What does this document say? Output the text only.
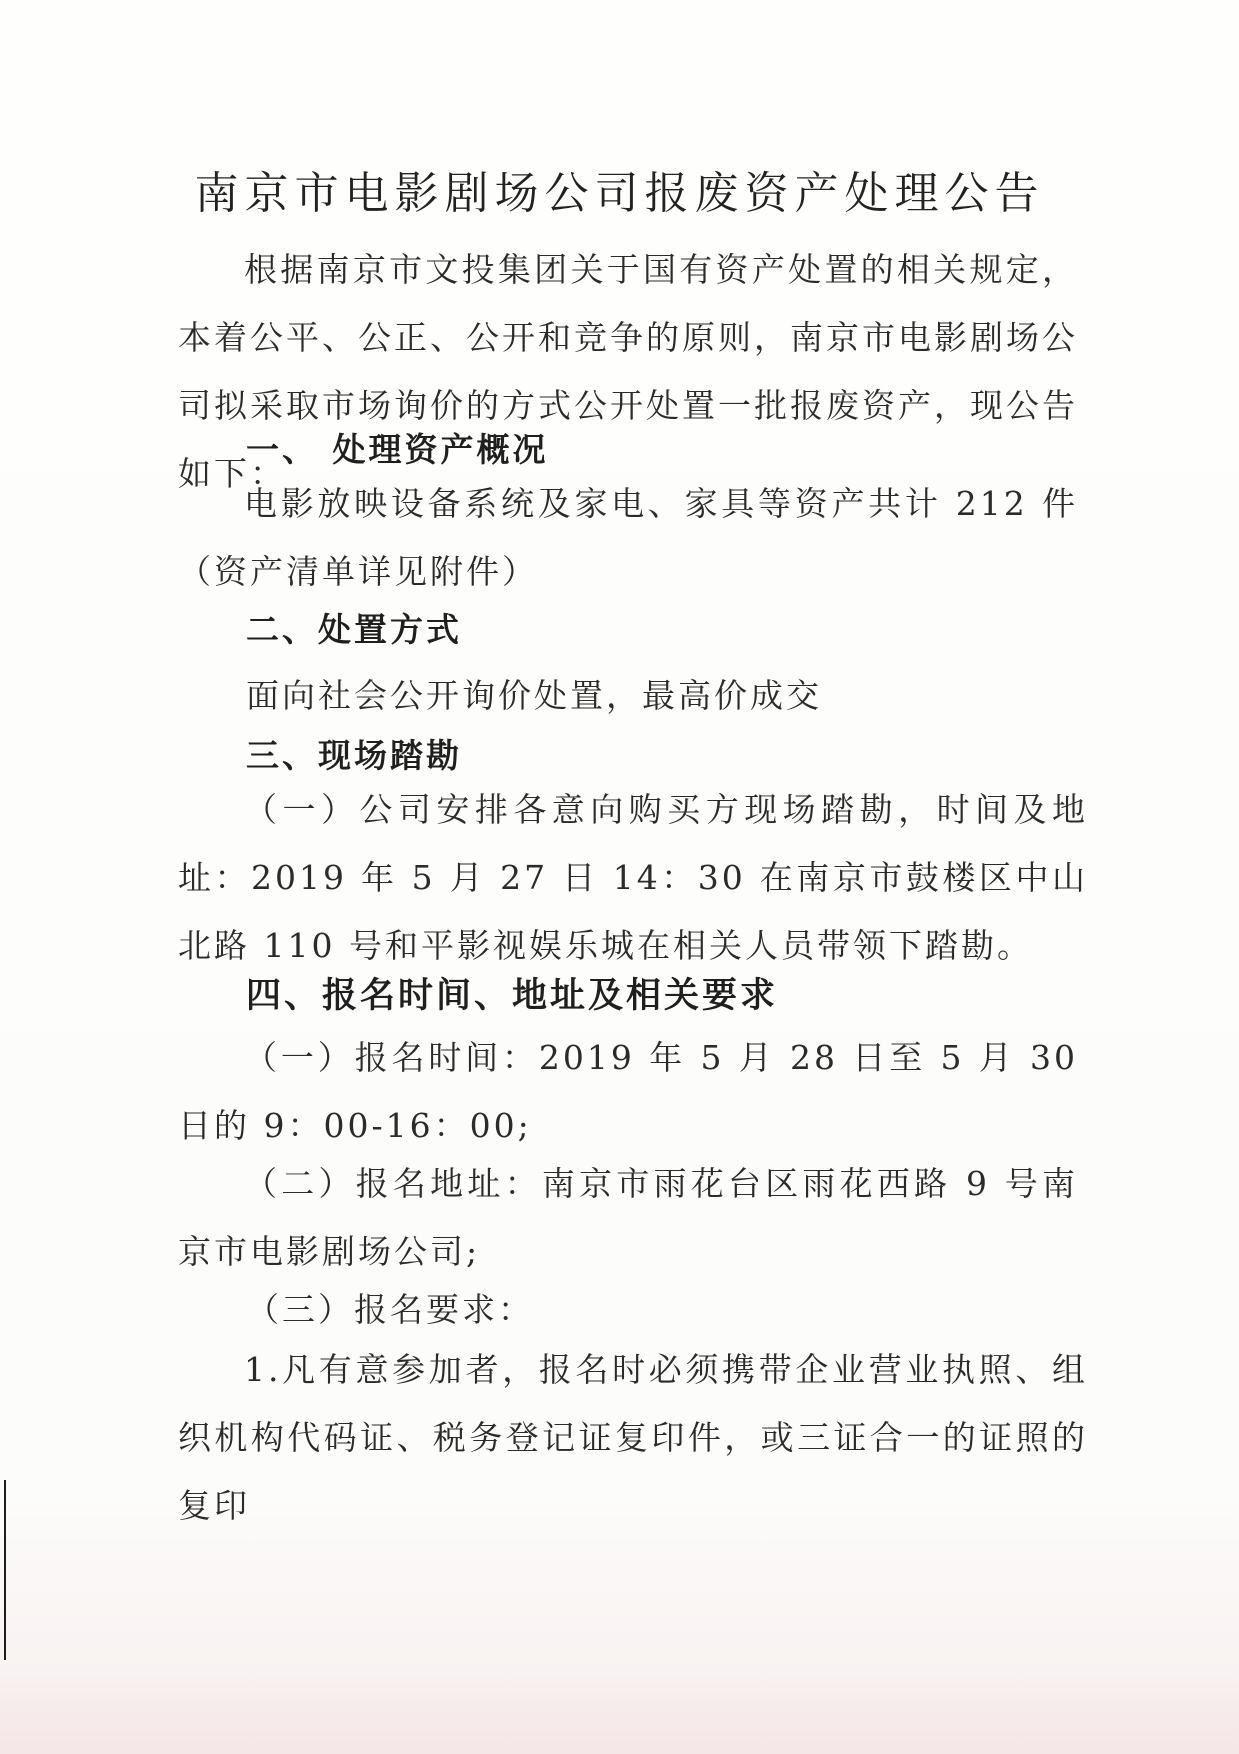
南京市电影剧场公司报废资产处理公告

根据南京市文投集团关于国有资产处置的相关规定，本着公平、公正、公开和竞争的原则，南京市电影剧场公司拟采取市场询价的方式公开处置一批报废资产，现公告如下：

一、 处理资产概况

电影放映设备系统及家电、家具等资产共计 212 件（资产清单详见附件）

二、处置方式

面向社会公开询价处置，最高价成交

三、现场踏勘

（一）公司安排各意向购买方现场踏勘，时间及地址：2019 年 5 月 27 日 14：30 在南京市鼓楼区中山北路 110 号和平影视娱乐城在相关人员带领下踏勘。

四、报名时间、地址及相关要求

（一）报名时间：2019 年 5 月 28 日至 5 月 30 日的 9：00-16：00;

（二）报名地址：南京市雨花台区雨花西路 9 号南京市电影剧场公司;

（三）报名要求：

1.凡有意参加者，报名时必须携带企业营业执照、组织机构代码证、税务登记证复印件，或三证合一的证照的复印
